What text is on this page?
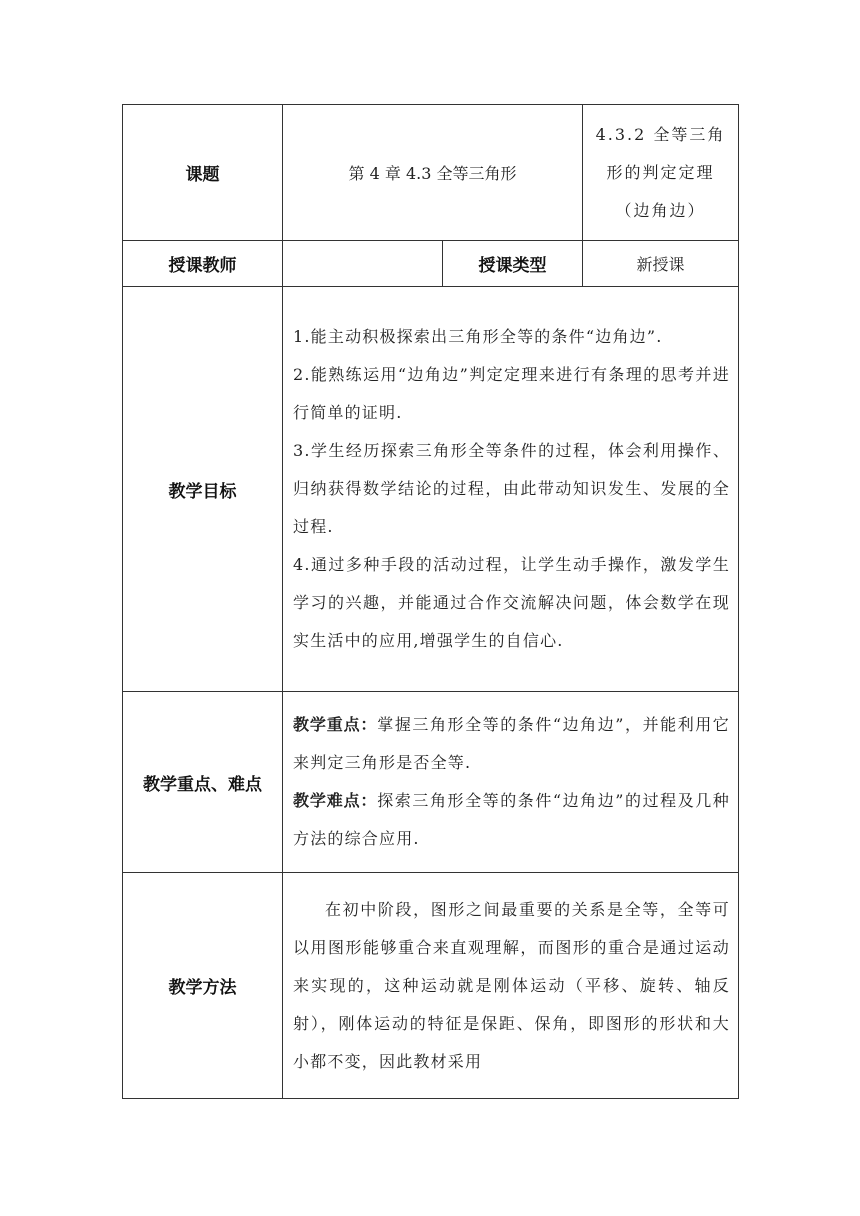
课题	第 4 章 4.3 全等三角形		4.3.2 全等三角
形的判定定理
（边角边）

授课教师		授课类型	新授课
教学目标	1.能主动积极探索出三角形全等的条件“边角边”.

2.能熟练运用“边角边”判定定理来进行有条理的思考并进行简单的证明.

3.学生经历探索三角形全等条件的过程，体会利用操作、归纳获得数学结论的过程，由此带动知识发生、发展的全过程.

4.通过多种手段的活动过程，让学生动手操作，激发学生学习的兴趣，并能通过合作交流解决问题，体会数学在现实生活中的应用,增强学生的自信心.		

教学重点、难点	教学重点：掌握三角形全等的条件“边角边”，并能利用它来判定三角形是否全等.

教学难点：探索三角形全等的条件“边角边”的过程及几种方法的综合应用.		

教学方法	在初中阶段，图形之间最重要的关系是全等，全等可以用图形能够重合来直观理解，而图形的重合是通过运动来实现的，这种运动就是刚体运动（平移、旋转、轴反射），刚体运动的特征是保距、保角，即图形的形状和大小都不变，因此教材采用		
